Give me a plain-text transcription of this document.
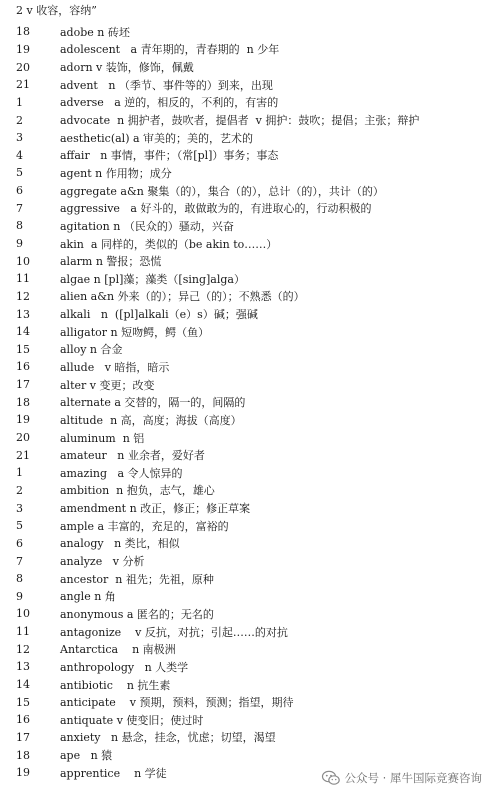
2 v 收容，容纳”
18	adobe n 砖坯
19	adolescent   a 青年期的，青春期的  n 少年
20	adorn v 装饰，修饰，佩戴
21	advent   n （季节、事件等的）到来，出现
1	adverse   a 逆的，相反的，不利的，有害的
2	advocate  n 拥护者，鼓吹者，提倡者  v 拥护：鼓吹；提倡；主张；辩护
3	aesthetic(al) a 审美的；美的，艺术的
4	affair   n 事情，事件；（常[pl]）事务；事态
5	agent n 作用物；成分
6	aggregate a&n 聚集（的），集合（的），总计（的），共计（的）
7	aggressive   a 好斗的，敢做敢为的，有进取心的，行动积极的
8	agitation n （民众的）骚动，兴奋
9	akin  a 同样的，类似的（be akin to……）
10	alarm n 警报；恐慌
11	algae n [pl]藻；藻类（[sing]alga）
12	alien a&n 外来（的）；异己（的）；不熟悉（的）
13	alkali   n  ([pl]alkali（e）s）碱；强碱
14	alligator n 短吻鳄，鳄（鱼）
15	alloy n 合金
16	allude   v 暗指，暗示
17	alter v 变更；改变
18	alternate a 交替的，隔一的，间隔的
19	altitude  n 高，高度；海拔（高度）
20	aluminum  n 铝
21	amateur   n 业余者，爱好者
1	amazing   a 令人惊异的
2	ambition  n 抱负，志气，雄心
3	amendment n 改正，修正；修正草案
5	ample a 丰富的，充足的，富裕的
6	analogy   n 类比，相似
7	analyze   v 分析
8	ancestor  n 祖先；先祖，原种
9	angle n 角
10	anonymous a 匿名的；无名的
11	antagonize    v 反抗，对抗；引起……的对抗
12	Antarctica    n 南极洲
13	anthropology   n 人类学
14	antibiotic    n 抗生素
15	anticipate    v 预期，预料，预测；指望，期待
16	antiquate v 使变旧；使过时
17	anxiety   n 悬念，挂念，忧虑；切望，渴望
18	ape   n 猿
19	apprentice    n 学徒	公众号 · 犀牛国际竞赛咨询
